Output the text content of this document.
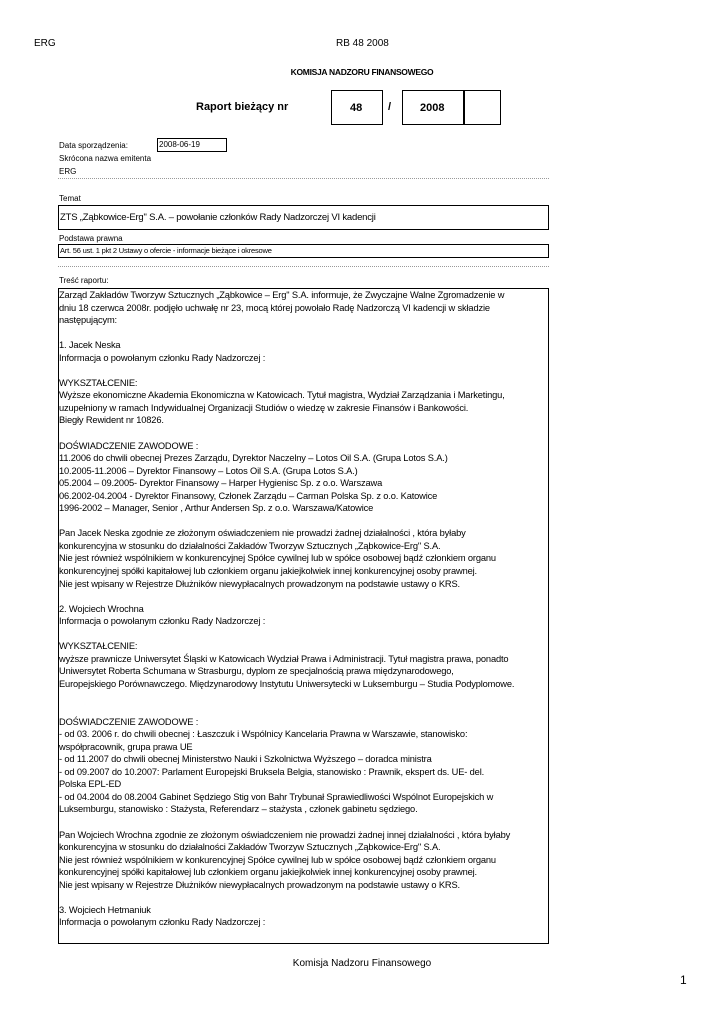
ERG	RB 48 2008
KOMISJA NADZORU FINANSOWEGO
Raport bieżący nr	48 /	2008
Data sporządzenia:	2008-06-19
Skrócona nazwa emitenta
ERG
Temat
ZTS „Ząbkowice-Erg" S.A. – powołanie członków Rady Nadzorczej VI kadencji
Podstawa prawna
Art. 56 ust. 1 pkt 2 Ustawy o ofercie - informacje bieżące i okresowe
Treść raportu:
Zarząd Zakładów Tworzyw Sztucznych „Ząbkowice – Erg" S.A. informuje, że Zwyczajne Walne Zgromadzenie w
dniu 18 czerwca 2008r. podjęło uchwałę nr 23, mocą której powołało Radę Nadzorczą VI kadencji w składzie
następującym:
1. Jacek Neska
Informacja o powołanym członku Rady Nadzorczej :
WYKSZTAŁCENIE:
Wyższe ekonomiczne Akademia Ekonomiczna w Katowicach. Tytuł magistra, Wydział Zarządzania i Marketingu,
uzupełniony w ramach Indywidualnej Organizacji Studiów o wiedzę w zakresie Finansów i Bankowości.
Biegły Rewident nr 10826.
DOŚWIADCZENIE ZAWODOWE :
11.2006 do chwili obecnej Prezes Zarządu, Dyrektor Naczelny – Lotos Oil S.A. (Grupa Lotos S.A.)
10.2005-11.2006 – Dyrektor Finansowy – Lotos Oil S.A. (Grupa Lotos S.A.)
05.2004 – 09.2005- Dyrektor Finansowy – Harper Hygienisc Sp. z o.o. Warszawa
06.2002-04.2004 - Dyrektor Finansowy, Członek Zarządu – Carman Polska Sp. z o.o. Katowice
1996-2002 – Manager, Senior , Arthur Andersen Sp. z o.o. Warszawa/Katowice
Pan Jacek Neska zgodnie ze złożonym oświadczeniem nie prowadzi żadnej działalności , która byłaby
konkurencyjna w stosunku do działalności Zakładów Tworzyw Sztucznych „Ząbkowice-Erg" S.A.
Nie jest również wspólnikiem w konkurencyjnej Spółce cywilnej lub w spółce osobowej bądź członkiem organu
konkurencyjnej spółki kapitałowej lub członkiem organu jakiejkolwiek innej konkurencyjnej osoby prawnej.
Nie jest wpisany w Rejestrze Dłużników niewypłacalnych prowadzonym na podstawie ustawy o KRS.
2. Wojciech Wrochna
Informacja o powołanym członku Rady Nadzorczej :
WYKSZTAŁCENIE:
wyższe prawnicze Uniwersytet Śląski w Katowicach Wydział Prawa i Administracji. Tytuł magistra prawa, ponadto
Uniwersytet Roberta Schumana w Strasburgu, dyplom ze specjalnością prawa międzynarodowego,
Europejskiego Porównawczego. Międzynarodowy Instytutu Uniwersytecki w Luksemburgu – Studia Podyplomowe.
DOŚWIADCZENIE ZAWODOWE :
- od 03. 2006 r. do chwili obecnej : Łaszczuk i Wspólnicy Kancelaria Prawna w Warszawie, stanowisko:
współpracownik, grupa prawa UE
- od 11.2007 do chwili obecnej Ministerstwo Nauki i Szkolnictwa Wyższego – doradca ministra
- od 09.2007 do 10.2007: Parlament Europejski Bruksela Belgia, stanowisko : Prawnik, ekspert ds. UE- del.
Polska EPL-ED
- od 04.2004 do 08.2004 Gabinet Sędziego Stig von Bahr Trybunał Sprawiedliwości Wspólnot Europejskich w
Luksemburgu, stanowisko : Stażysta, Referendarz – stażysta , członek gabinetu sędziego.
Pan Wojciech Wrochna zgodnie ze złożonym oświadczeniem nie prowadzi żadnej innej działalności , która byłaby
konkurencyjna w stosunku do działalności Zakładów Tworzyw Sztucznych „Ząbkowice-Erg" S.A.
Nie jest również wspólnikiem w konkurencyjnej Spółce cywilnej lub w spółce osobowej bądź członkiem organu
konkurencyjnej spółki kapitałowej lub członkiem organu jakiejkolwiek innej konkurencyjnej osoby prawnej.
Nie jest wpisany w Rejestrze Dłużników niewypłacalnych prowadzonym na podstawie ustawy o KRS.
3. Wojciech Hetmaniuk
Informacja o powołanym członku Rady Nadzorczej :
Komisja Nadzoru Finansowego
1
